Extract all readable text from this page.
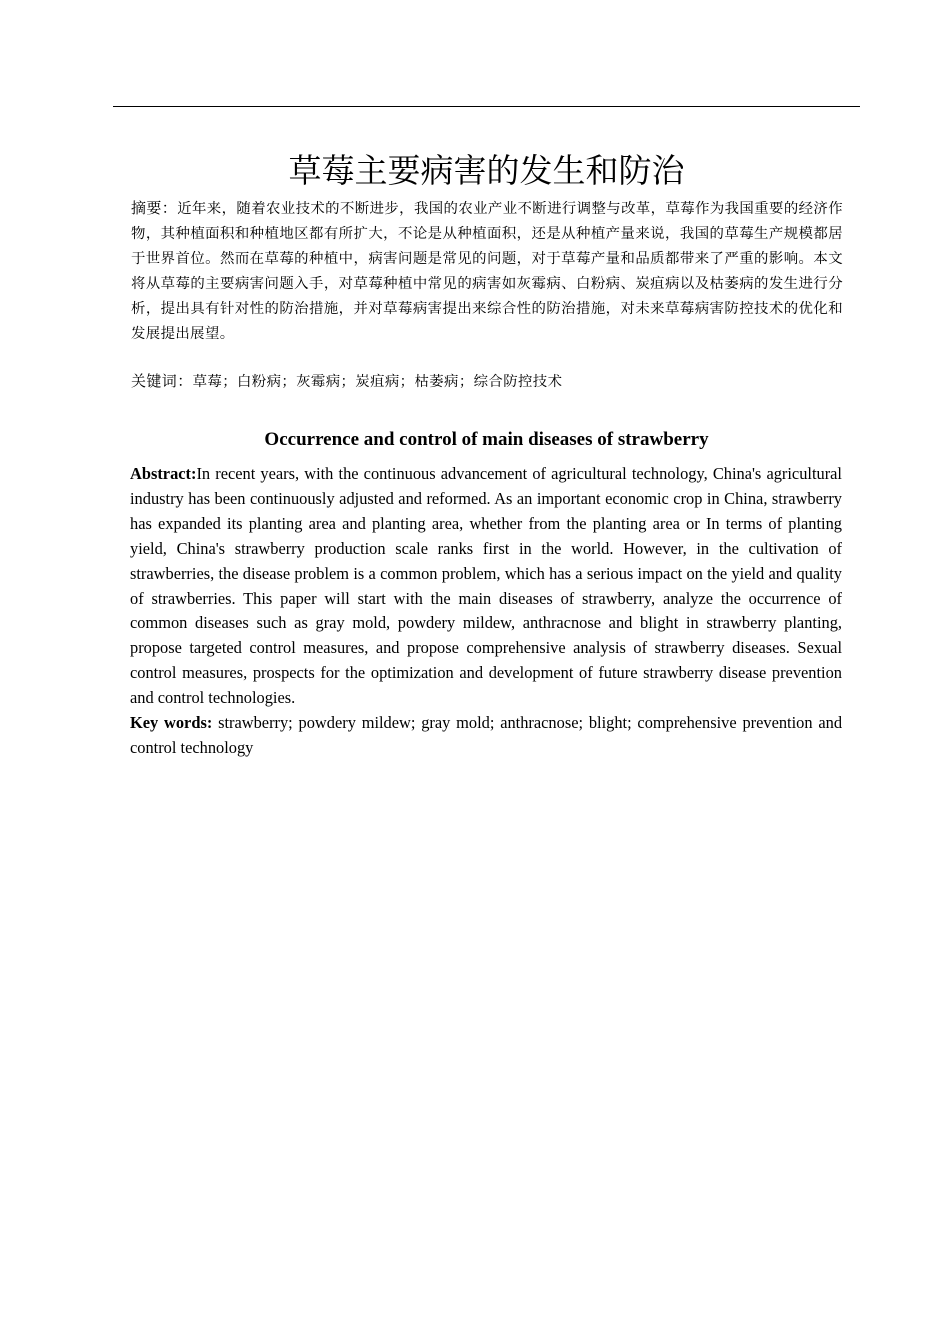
草莓主要病害的发生和防治

摘要：近年来，随着农业技术的不断进步，我国的农业产业不断进行调整与改革，草莓作为我国重要的经济作物，其种植面积和种植地区都有所扩大，不论是从种植面积，还是从种植产量来说，我国的草莓生产规模都居于世界首位。然而在草莓的种植中，病害问题是常见的问题，对于草莓产量和品质都带来了严重的影响。本文将从草莓的主要病害问题入手，对草莓种植中常见的病害如灰霉病、白粉病、炭疽病以及枯萎病的发生进行分析，提出具有针对性的防治措施，并对草莓病害提出来综合性的防治措施，对未来草莓病害防控技术的优化和发展提出展望。

关键词：草莓；白粉病；灰霉病；炭疽病；枯萎病；综合防控技术

Occurrence and control of main diseases of strawberry

Abstract:In recent years, with the continuous advancement of agricultural technology, China's agricultural industry has been continuously adjusted and reformed. As an important economic crop in China, strawberry has expanded its planting area and planting area, whether from the planting area or In terms of planting yield, China's strawberry production scale ranks first in the world. However, in the cultivation of strawberries, the disease problem is a common problem, which has a serious impact on the yield and quality of strawberries. This paper will start with the main diseases of strawberry, analyze the occurrence of common diseases such as gray mold, powdery mildew, anthracnose and blight in strawberry planting, propose targeted control measures, and propose comprehensive analysis of strawberry diseases. Sexual control measures, prospects for the optimization and development of future strawberry disease prevention and control technologies.

Key words: strawberry; powdery mildew; gray mold; anthracnose; blight; comprehensive prevention and control technology
